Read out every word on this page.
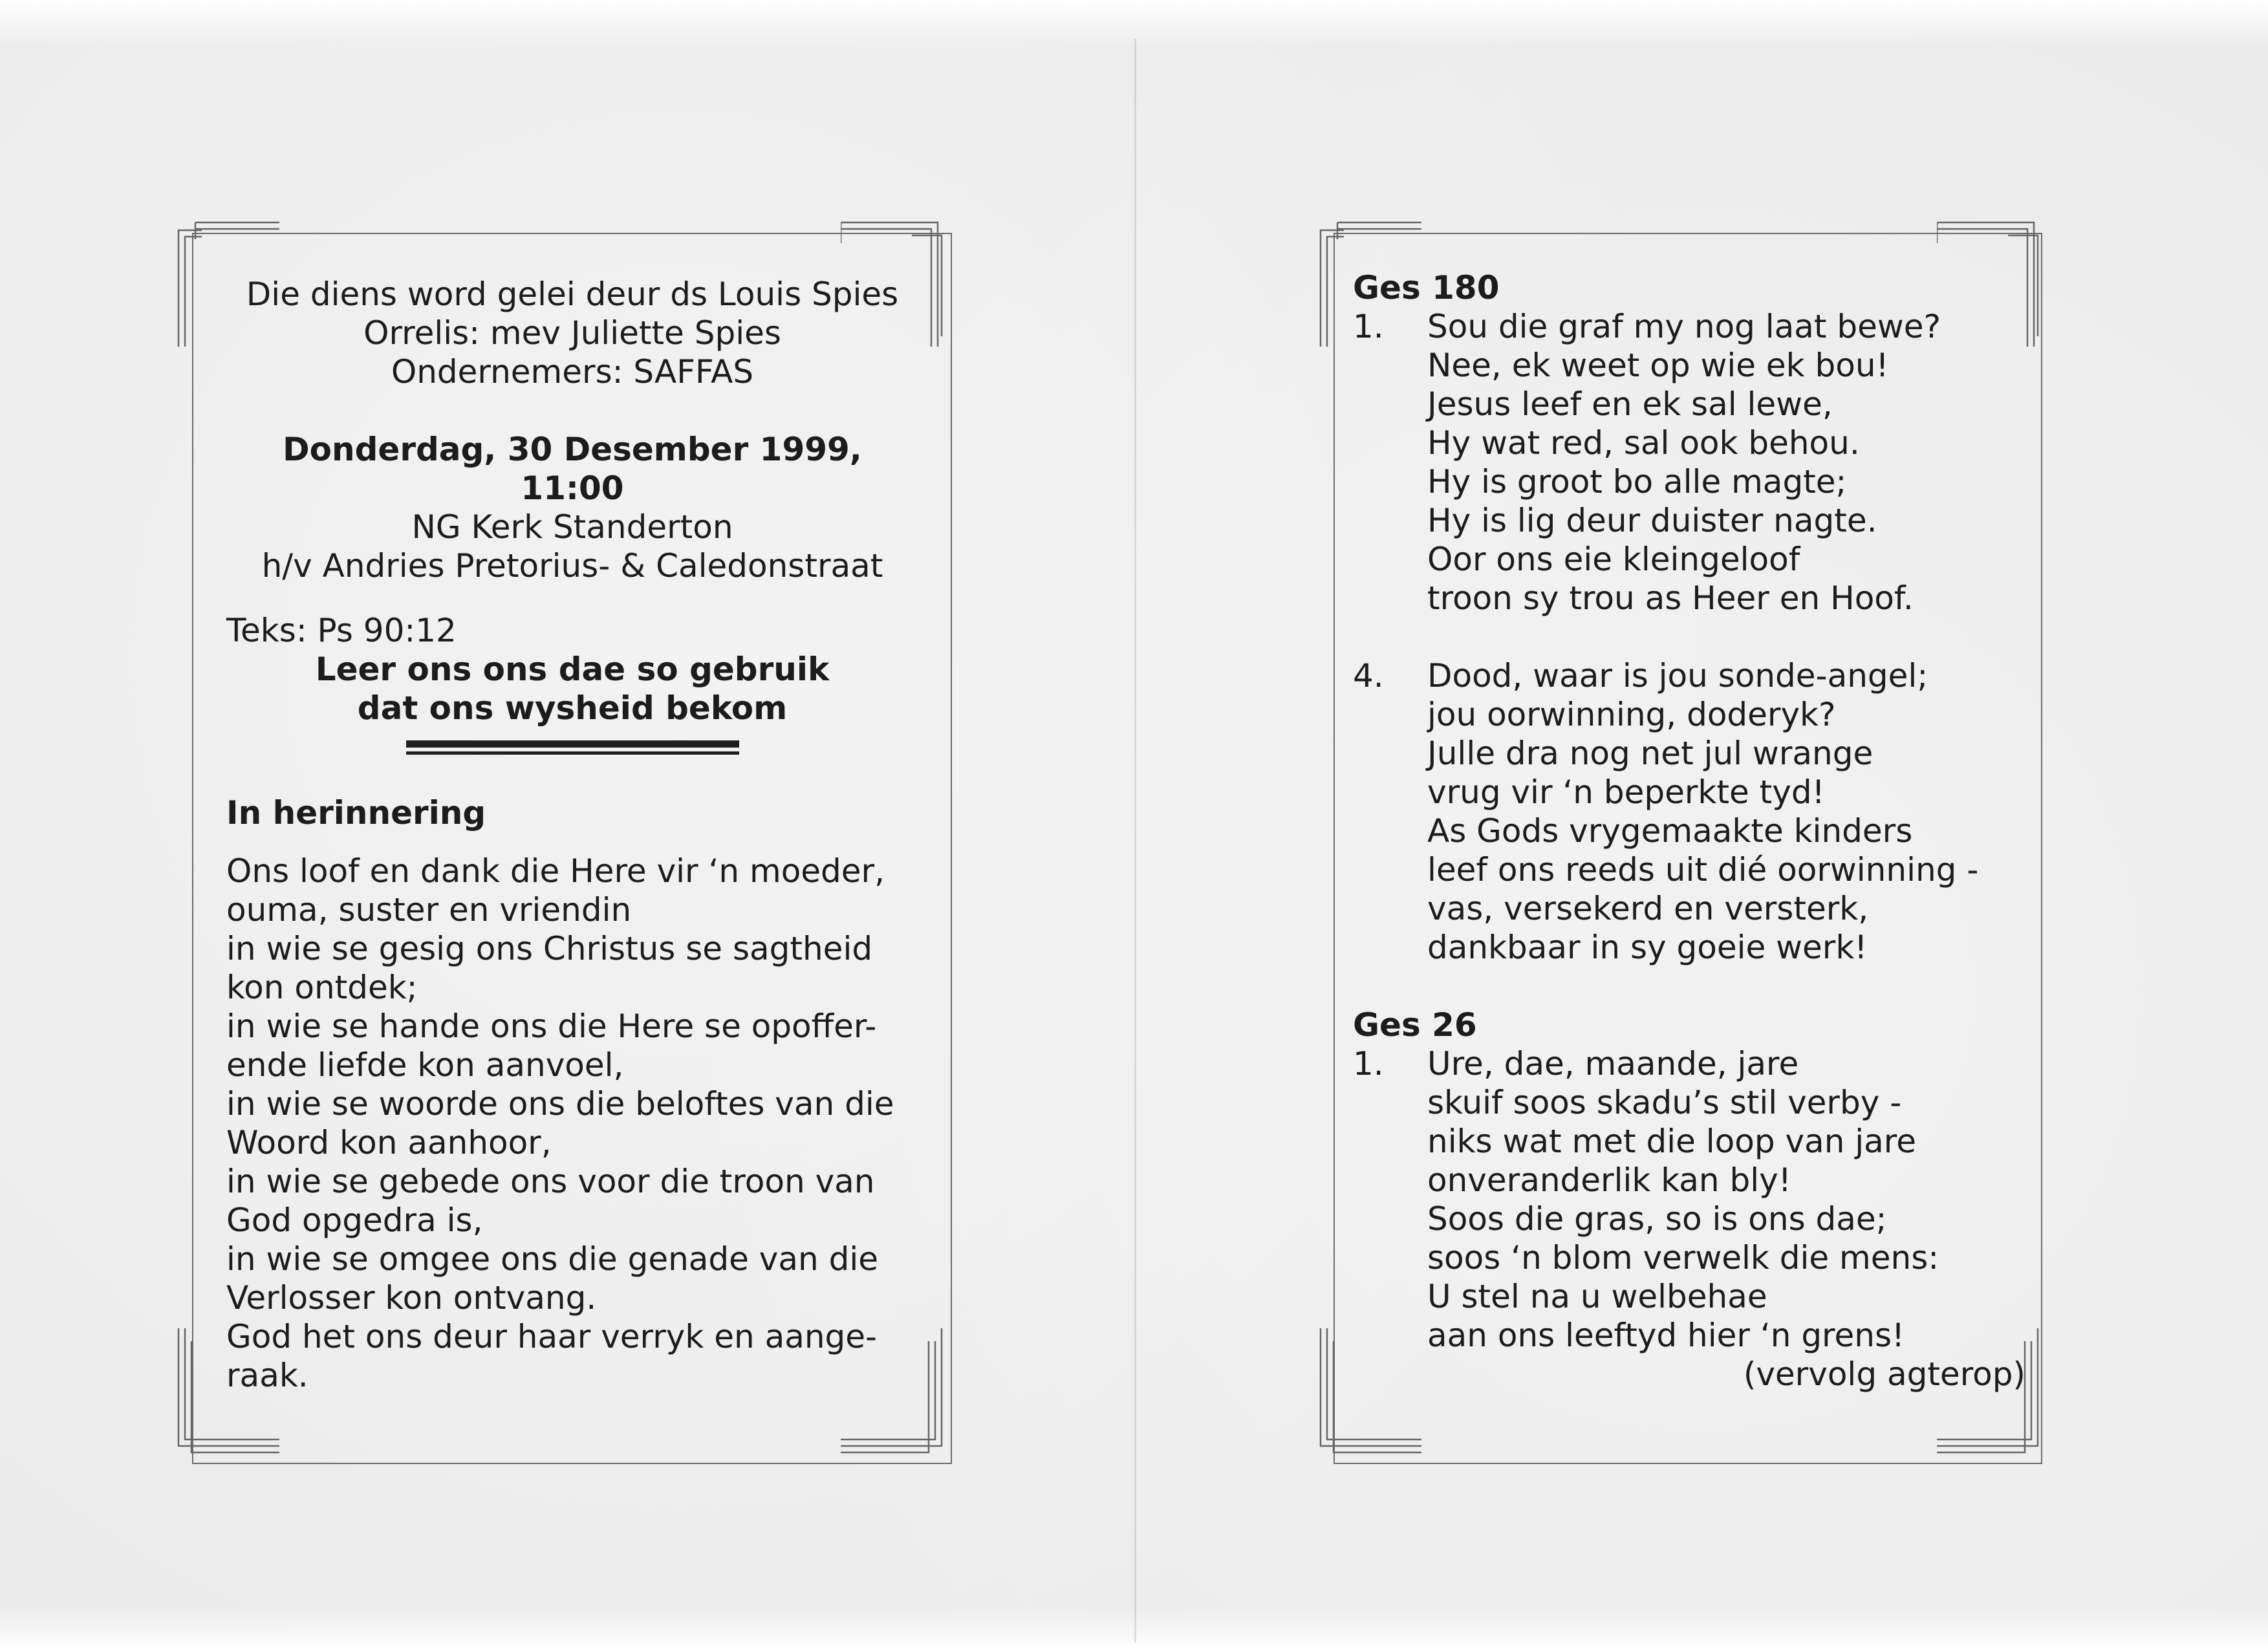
Die diens word gelei deur ds Louis Spies
Orrelis: mev Juliette Spies
Ondernemers: SAFFAS
Donderdag, 30 Desember 1999,
11:00
NG Kerk Standerton
h/v Andries Pretorius- & Caledonstraat
Teks: Ps 90:12
Leer ons ons dae so gebruik
dat ons wysheid bekom
In herinnering
Ons loof en dank die Here vir ‘n moeder,
ouma, suster en vriendin
in wie se gesig ons Christus se sagtheid
kon ontdek;
in wie se hande ons die Here se opoffer-
ende liefde kon aanvoel,
in wie se woorde ons die beloftes van die
Woord kon aanhoor,
in wie se gebede ons voor die troon van
God opgedra is,
in wie se omgee ons die genade van die
Verlosser kon ontvang.
God het ons deur haar verryk en aange-
raak.
Ges 180
1.	Sou die graf my nog laat bewe?
Nee, ek weet op wie ek bou!
Jesus leef en ek sal lewe,
Hy wat red, sal ook behou.
Hy is groot bo alle magte;
Hy is lig deur duister nagte.
Oor ons eie kleingeloof
troon sy trou as Heer en Hoof.
4.	Dood, waar is jou sonde-angel;
jou oorwinning, doderyk?
Julle dra nog net jul wrange
vrug vir ‘n beperkte tyd!
As Gods vrygemaakte kinders
leef ons reeds uit dié oorwinning -
vas, versekerd en versterk,
dankbaar in sy goeie werk!
Ges 26
1.	Ure, dae, maande, jare
skuif soos skadu’s stil verby -
niks wat met die loop van jare
onveranderlik kan bly!
Soos die gras, so is ons dae;
soos ‘n blom verwelk die mens:
U stel na u welbehae
aan ons leeftyd hier ‘n grens!
(vervolg agterop)
